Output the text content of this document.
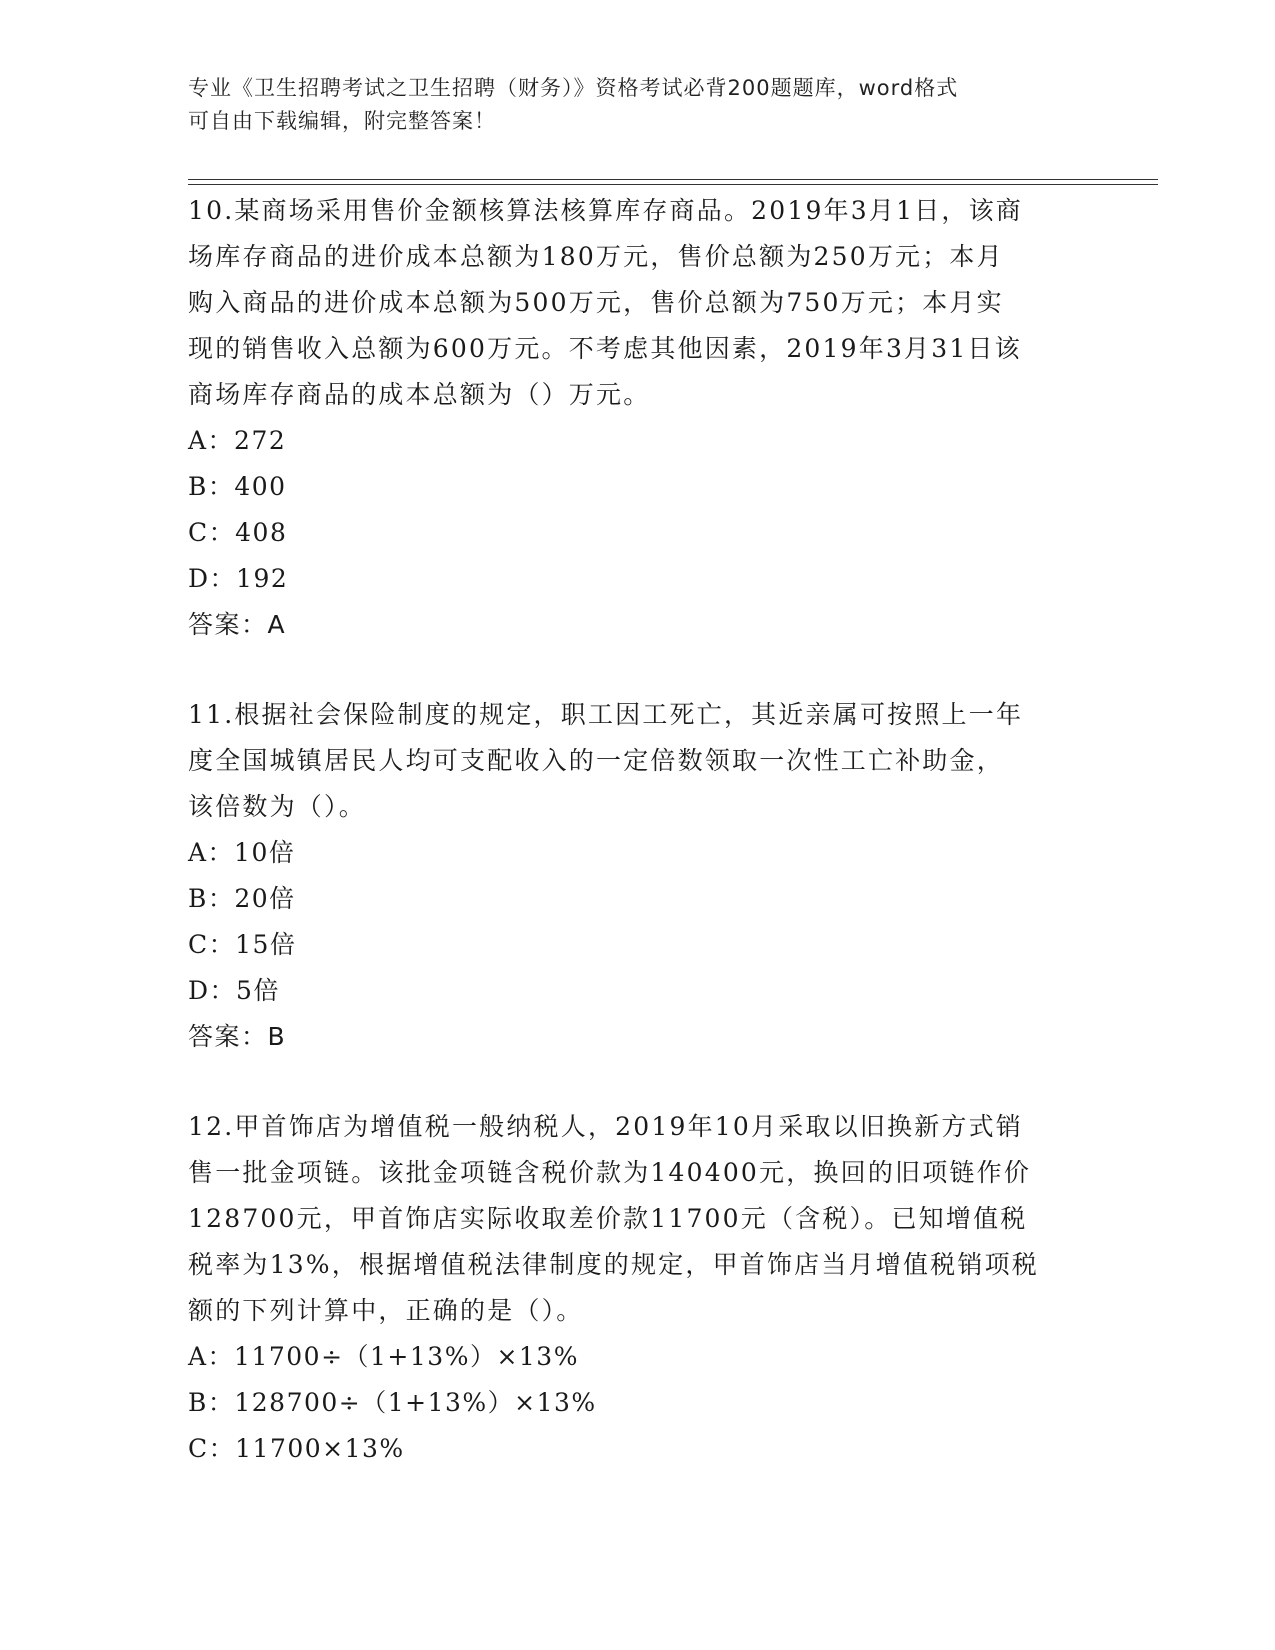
专业《卫生招聘考试之卫生招聘（财务）》资格考试必背200题题库，word格式
可自由下载编辑，附完整答案！

10.某商场采用售价金额核算法核算库存商品。2019年3月1日，该商

场库存商品的进价成本总额为180万元，售价总额为250万元；本月

购入商品的进价成本总额为500万元，售价总额为750万元；本月实

现的销售收入总额为600万元。不考虑其他因素，2019年3月31日该

商场库存商品的成本总额为（）万元。

A：272

B：400

C：408

D：192

答案：A

11.根据社会保险制度的规定，职工因工死亡，其近亲属可按照上一年

度全国城镇居民人均可支配收入的一定倍数领取一次性工亡补助金，

该倍数为（）。

A：10倍

B：20倍

C：15倍

D：5倍

答案：B

12.甲首饰店为增值税一般纳税人，2019年10月采取以旧换新方式销

售一批金项链。该批金项链含税价款为140400元，换回的旧项链作价

128700元，甲首饰店实际收取差价款11700元（含税）。已知增值税

税率为13%，根据增值税法律制度的规定，甲首饰店当月增值税销项税

额的下列计算中，正确的是（）。

A：11700÷（1+13%）×13%

B：128700÷（1+13%）×13%

C：11700×13%
